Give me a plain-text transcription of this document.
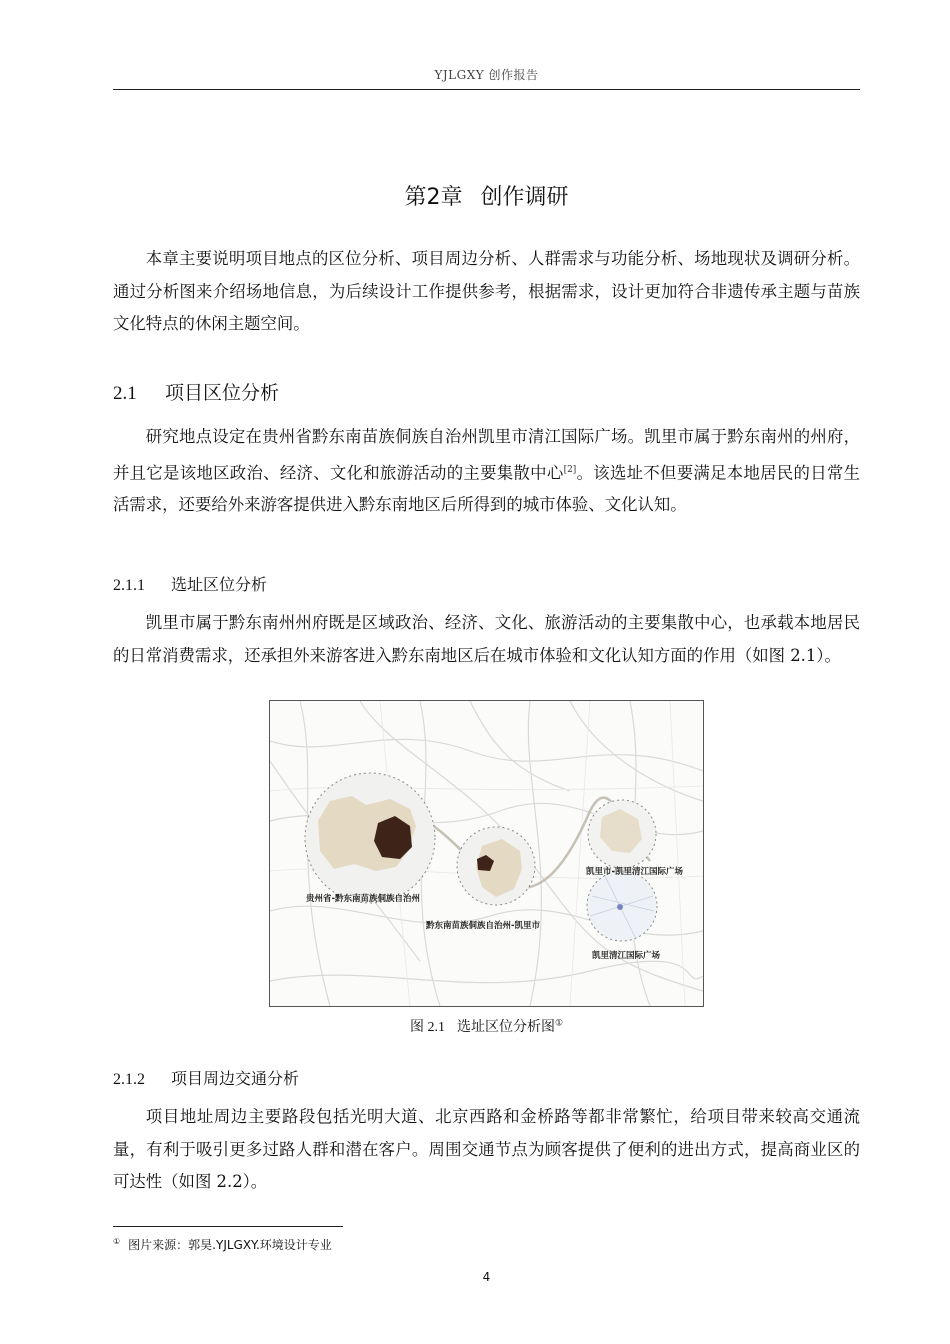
YJLGXY 创作报告
第2章 创作调研

本章主要说明项目地点的区位分析、项目周边分析、人群需求与功能分析、场地现状及调研分析。通过分析图来介绍场地信息，为后续设计工作提供参考，根据需求，设计更加符合非遗传承主题与苗族文化特点的休闲主题空间。

2.1 项目区位分析

研究地点设定在贵州省黔东南苗族侗族自治州凯里市清江国际广场。凯里市属于黔东南州的州府，并且它是该地区政治、经济、文化和旅游活动的主要集散中心[2]。该选址不但要满足本地居民的日常生活需求，还要给外来游客提供进入黔东南地区后所得到的城市体验、文化认知。

2.1.1 选址区位分析

凯里市属于黔东南州州府既是区域政治、经济、文化、旅游活动的主要集散中心，也承载本地居民的日常消费需求，还承担外来游客进入黔东南地区后在城市体验和文化认知方面的作用（如图 2.1）。

贵州省-黔东南苗族侗族自治州
黔东南苗族侗族自治州-凯里市
凯里市-凯里清江国际广场
凯里清江国际广场
图 2.1 选址区位分析图①
2.1.2 项目周边交通分析

项目地址周边主要路段包括光明大道、北京西路和金桥路等都非常繁忙，给项目带来较高交通流量，有利于吸引更多过路人群和潜在客户。周围交通节点为顾客提供了便利的进出方式，提高商业区的可达性（如图 2.2）。

① 图片来源：郭昊.YJLGXY.环境设计专业
4
